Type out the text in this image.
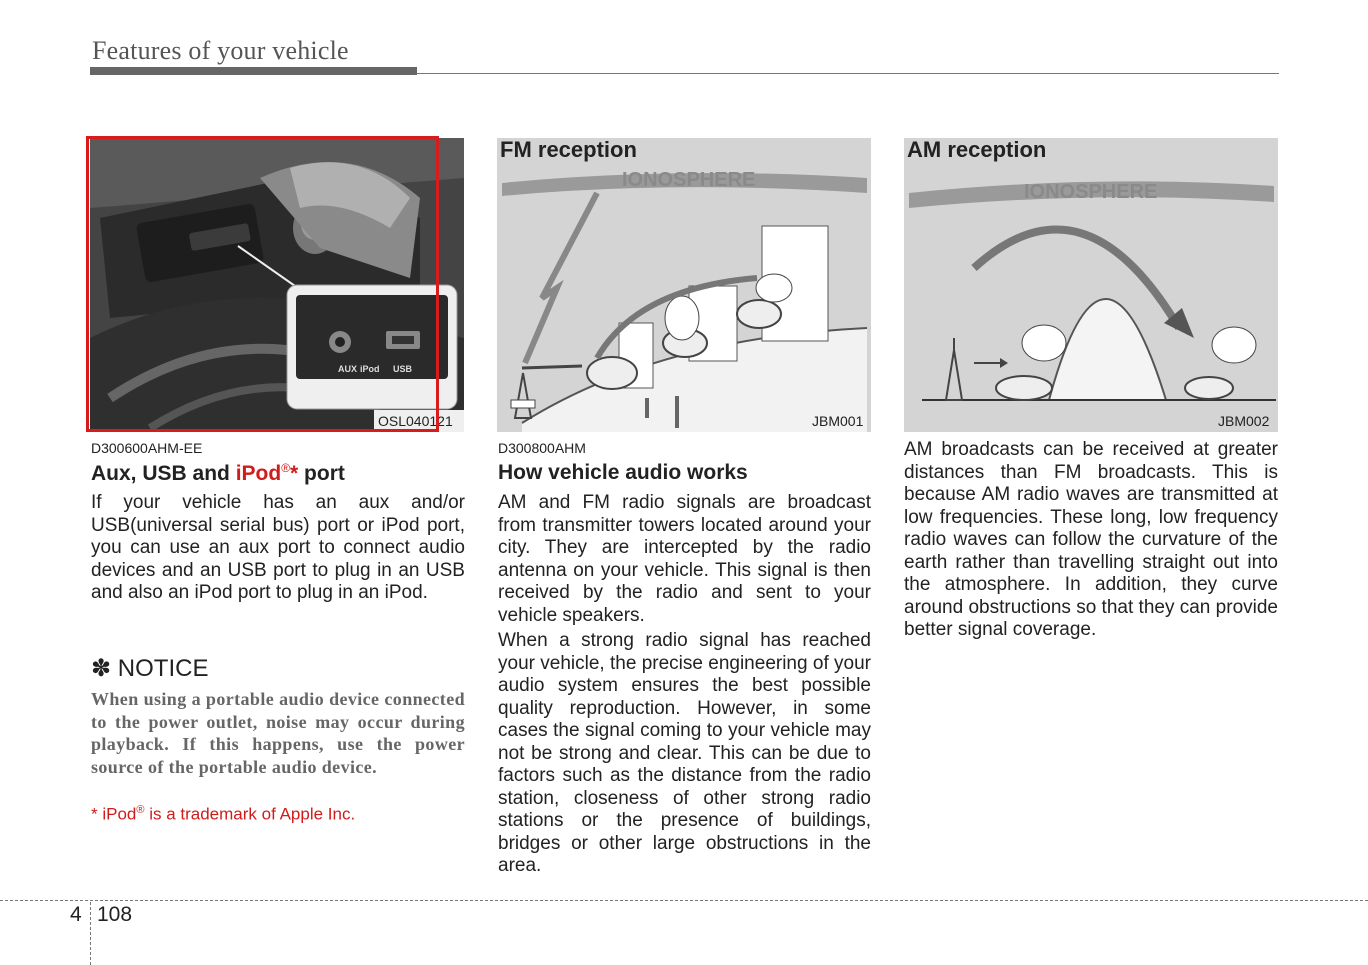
Features of your vehicle
AUX iPod USB
OSL040121
IONOSPHERE
FM reception
JBM001
IONOSPHERE
AM reception
JBM002
D300600AHM-EE
Aux, USB and iPod®* port
If your vehicle has an aux and/or USB(universal serial bus) port or iPod port, you can use an aux port to connect audio devices and an USB port to plug in an USB and also an iPod port to plug in an iPod.
✽ NOTICE
When using a portable audio device connected to the power outlet, noise may occur during playback. If this happens, use the power source of the portable audio device.
* iPod® is a trademark of Apple Inc.
D300800AHM
How vehicle audio works
AM and FM radio signals are broadcast from transmitter towers located around your city. They are intercepted by the radio antenna on your vehicle. This signal is then received by the radio and sent to your vehicle speakers.
When a strong radio signal has reached your vehicle, the precise engineering of your audio system ensures the best possible quality reproduction. However, in some cases the signal coming to your vehicle may not be strong and clear. This can be due to factors such as the distance from the radio station, closeness of other strong radio stations or the presence of buildings, bridges or other large obstructions in the area.
AM broadcasts can be received at greater distances than FM broadcasts. This is because AM radio waves are transmitted at low frequencies. These long, low frequency radio waves can follow the curvature of the earth rather than travelling straight out into the atmosphere. In addition, they curve around obstructions so that they can provide better signal coverage.
4 108
